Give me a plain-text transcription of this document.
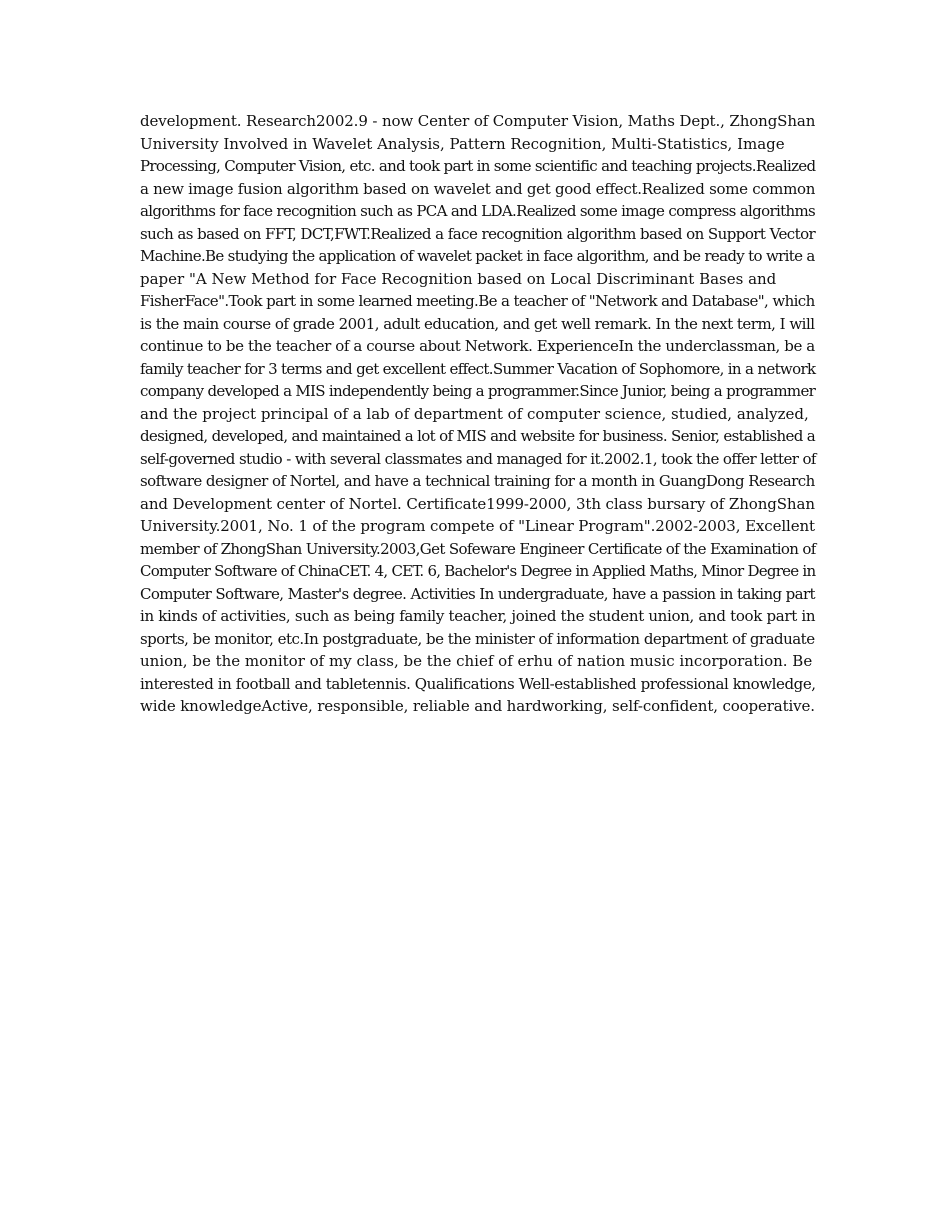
development. Research2002.9 - now Center of Computer Vision, Maths Dept., ZhongShan
University Involved in Wavelet Analysis, Pattern Recognition, Multi-Statistics, Image
Processing, Computer Vision, etc. and took part in some scientific and teaching projects.Realized
a new image fusion algorithm based on wavelet and get good effect.Realized some common
algorithms for face recognition such as PCA and LDA.Realized some image compress algorithms
such as based on FFT, DCT,FWT.Realized a face recognition algorithm based on Support Vector
Machine.Be studying the application of wavelet packet in face algorithm, and be ready to write a
paper "A New Method for Face Recognition based on Local Discriminant Bases and
FisherFace".Took part in some learned meeting.Be a teacher of "Network and Database", which
is the main course of grade 2001, adult education, and get well remark. In the next term, I will
continue to be the teacher of a course about Network. ExperienceIn the underclassman, be a
family teacher for 3 terms and get excellent effect.Summer Vacation of Sophomore, in a network
company developed a MIS independently being a programmer.Since Junior, being a programmer
and the project principal of a lab of department of computer science, studied, analyzed,
designed, developed, and maintained a lot of MIS and website for business. Senior, established a
self-governed studio - with several classmates and managed for it.2002.1, took the offer letter of
software designer of Nortel, and have a technical training for a month in GuangDong Research
and Development center of Nortel. Certificate1999-2000, 3th class bursary of ZhongShan
University.2001, No. 1 of the program compete of "Linear Program".2002-2003, Excellent
member of ZhongShan University.2003,Get Sofeware Engineer Certificate of the Examination of
Computer Software of ChinaCET. 4, CET. 6, Bachelor's Degree in Applied Maths, Minor Degree in
Computer Software, Master's degree. Activities In undergraduate, have a passion in taking part
in kinds of activities, such as being family teacher, joined the student union, and took part in
sports, be monitor, etc.In postgraduate, be the minister of information department of graduate
union, be the monitor of my class, be the chief of erhu of nation music incorporation. Be
interested in football and tabletennis. Qualifications Well-established professional knowledge,
wide knowledgeActive, responsible, reliable and hardworking, self-confident, cooperative.
